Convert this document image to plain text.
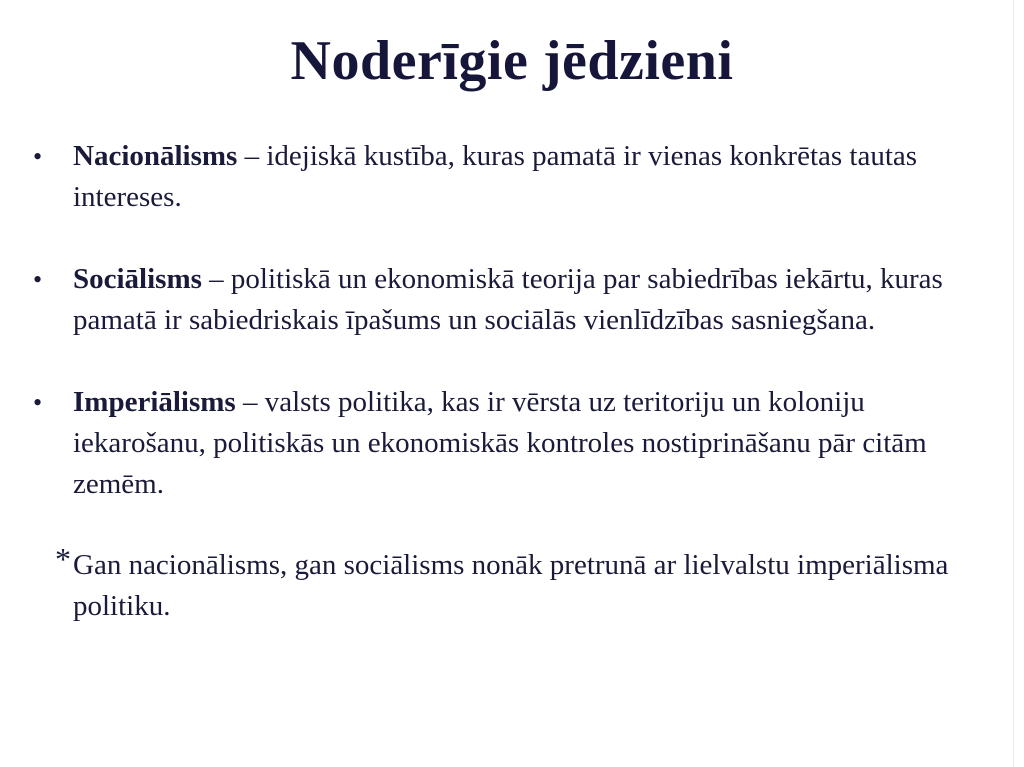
Noderīgie jēdzieni
•	Nacionālisms – idejiskā kustība, kuras pamatā ir vienas konkrētas tautas intereses.
•	Sociālisms – politiskā un ekonomiskā teorija par sabiedrības iekārtu, kuras pamatā ir sabiedriskais īpašums un sociālās vienlīdzības sasniegšana.
•	Imperiālisms – valsts politika, kas ir vērsta uz teritoriju un koloniju iekarošanu, politiskās un ekonomiskās kontroles nostiprināšanu pār citām zemēm.
* Gan nacionālisms, gan sociālisms nonāk pretrunā ar lielvalstu imperiālisma politiku.
